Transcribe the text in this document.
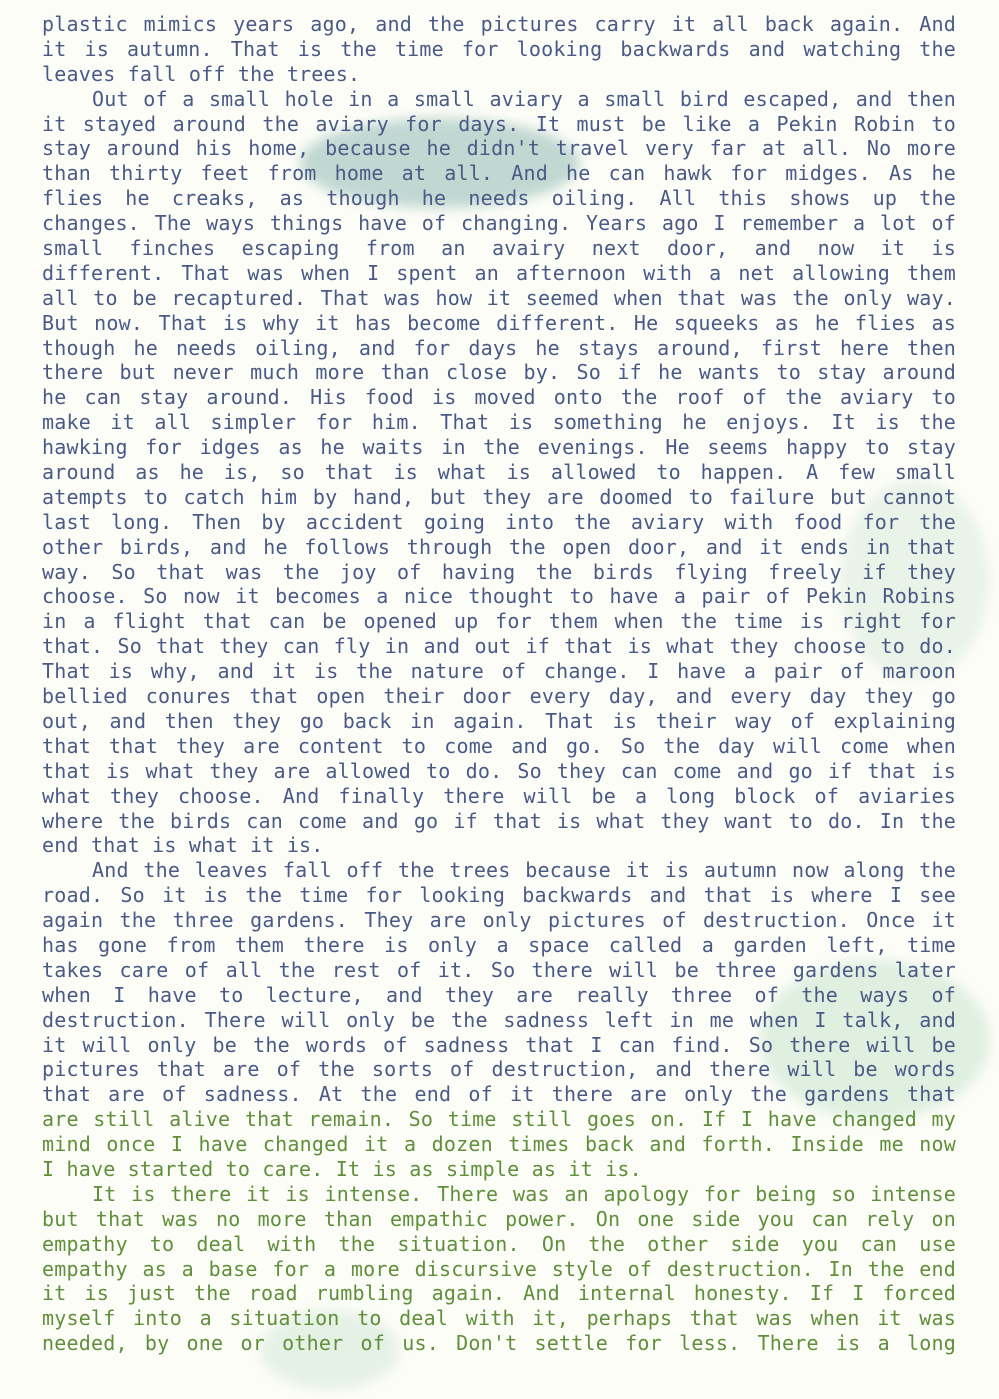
plastic mimics years ago, and the pictures carry it all back again. And
it is autumn. That is the time for looking backwards and watching the
leaves fall off the trees.
Out of a small hole in a small aviary a small bird escaped, and then
it stayed around the aviary for days. It must be like a Pekin Robin to
stay around his home, because he didn't travel very far at all. No more
than thirty feet from home at all. And he can hawk for midges. As he
flies he creaks, as though he needs oiling. All this shows up the
changes. The ways things have of changing. Years ago I remember a lot of
small finches escaping from an avairy next door, and now it is
different. That was when I spent an afternoon with a net allowing them
all to be recaptured. That was how it seemed when that was the only way.
But now. That is why it has become different. He squeeks as he flies as
though he needs oiling, and for days he stays around, first here then
there but never much more than close by. So if he wants to stay around
he can stay around. His food is moved onto the roof of the aviary to
make it all simpler for him. That is something he enjoys. It is the
hawking for idges as he waits in the evenings. He seems happy to stay
around as he is, so that is what is allowed to happen. A few small
atempts to catch him by hand, but they are doomed to failure but cannot
last long. Then by accident going into the aviary with food for the
other birds, and he follows through the open door, and it ends in that
way. So that was the joy of having the birds flying freely if they
choose. So now it becomes a nice thought to have a pair of Pekin Robins
in a flight that can be opened up for them when the time is right for
that. So that they can fly in and out if that is what they choose to do.
That is why, and it is the nature of change. I have a pair of maroon
bellied conures that open their door every day, and every day they go
out, and then they go back in again. That is their way of explaining
that that they are content to come and go. So the day will come when
that is what they are allowed to do. So they can come and go if that is
what they choose. And finally there will be a long block of aviaries
where the birds can come and go if that is what they want to do. In the
end that is what it is.
And the leaves fall off the trees because it is autumn now along the
road. So it is the time for looking backwards and that is where I see
again the three gardens. They are only pictures of destruction. Once it
has gone from them there is only a space called a garden left, time
takes care of all the rest of it. So there will be three gardens later
when I have to lecture, and they are really three of the ways of
destruction. There will only be the sadness left in me when I talk, and
it will only be the words of sadness that I can find. So there will be
pictures that are of the sorts of destruction, and there will be words
that are of sadness. At the end of it there are only the gardens that
are still alive that remain. So time still goes on. If I have changed my
mind once I have changed it a dozen times back and forth. Inside me now
I have started to care. It is as simple as it is.
It is there it is intense. There was an apology for being so intense
but that was no more than empathic power. On one side you can rely on
empathy to deal with the situation. On the other side you can use
empathy as a base for a more discursive style of destruction. In the end
it is just the road rumbling again. And internal honesty. If I forced
myself into a situation to deal with it, perhaps that was when it was
needed, by one or other of us. Don't settle for less. There is a long
